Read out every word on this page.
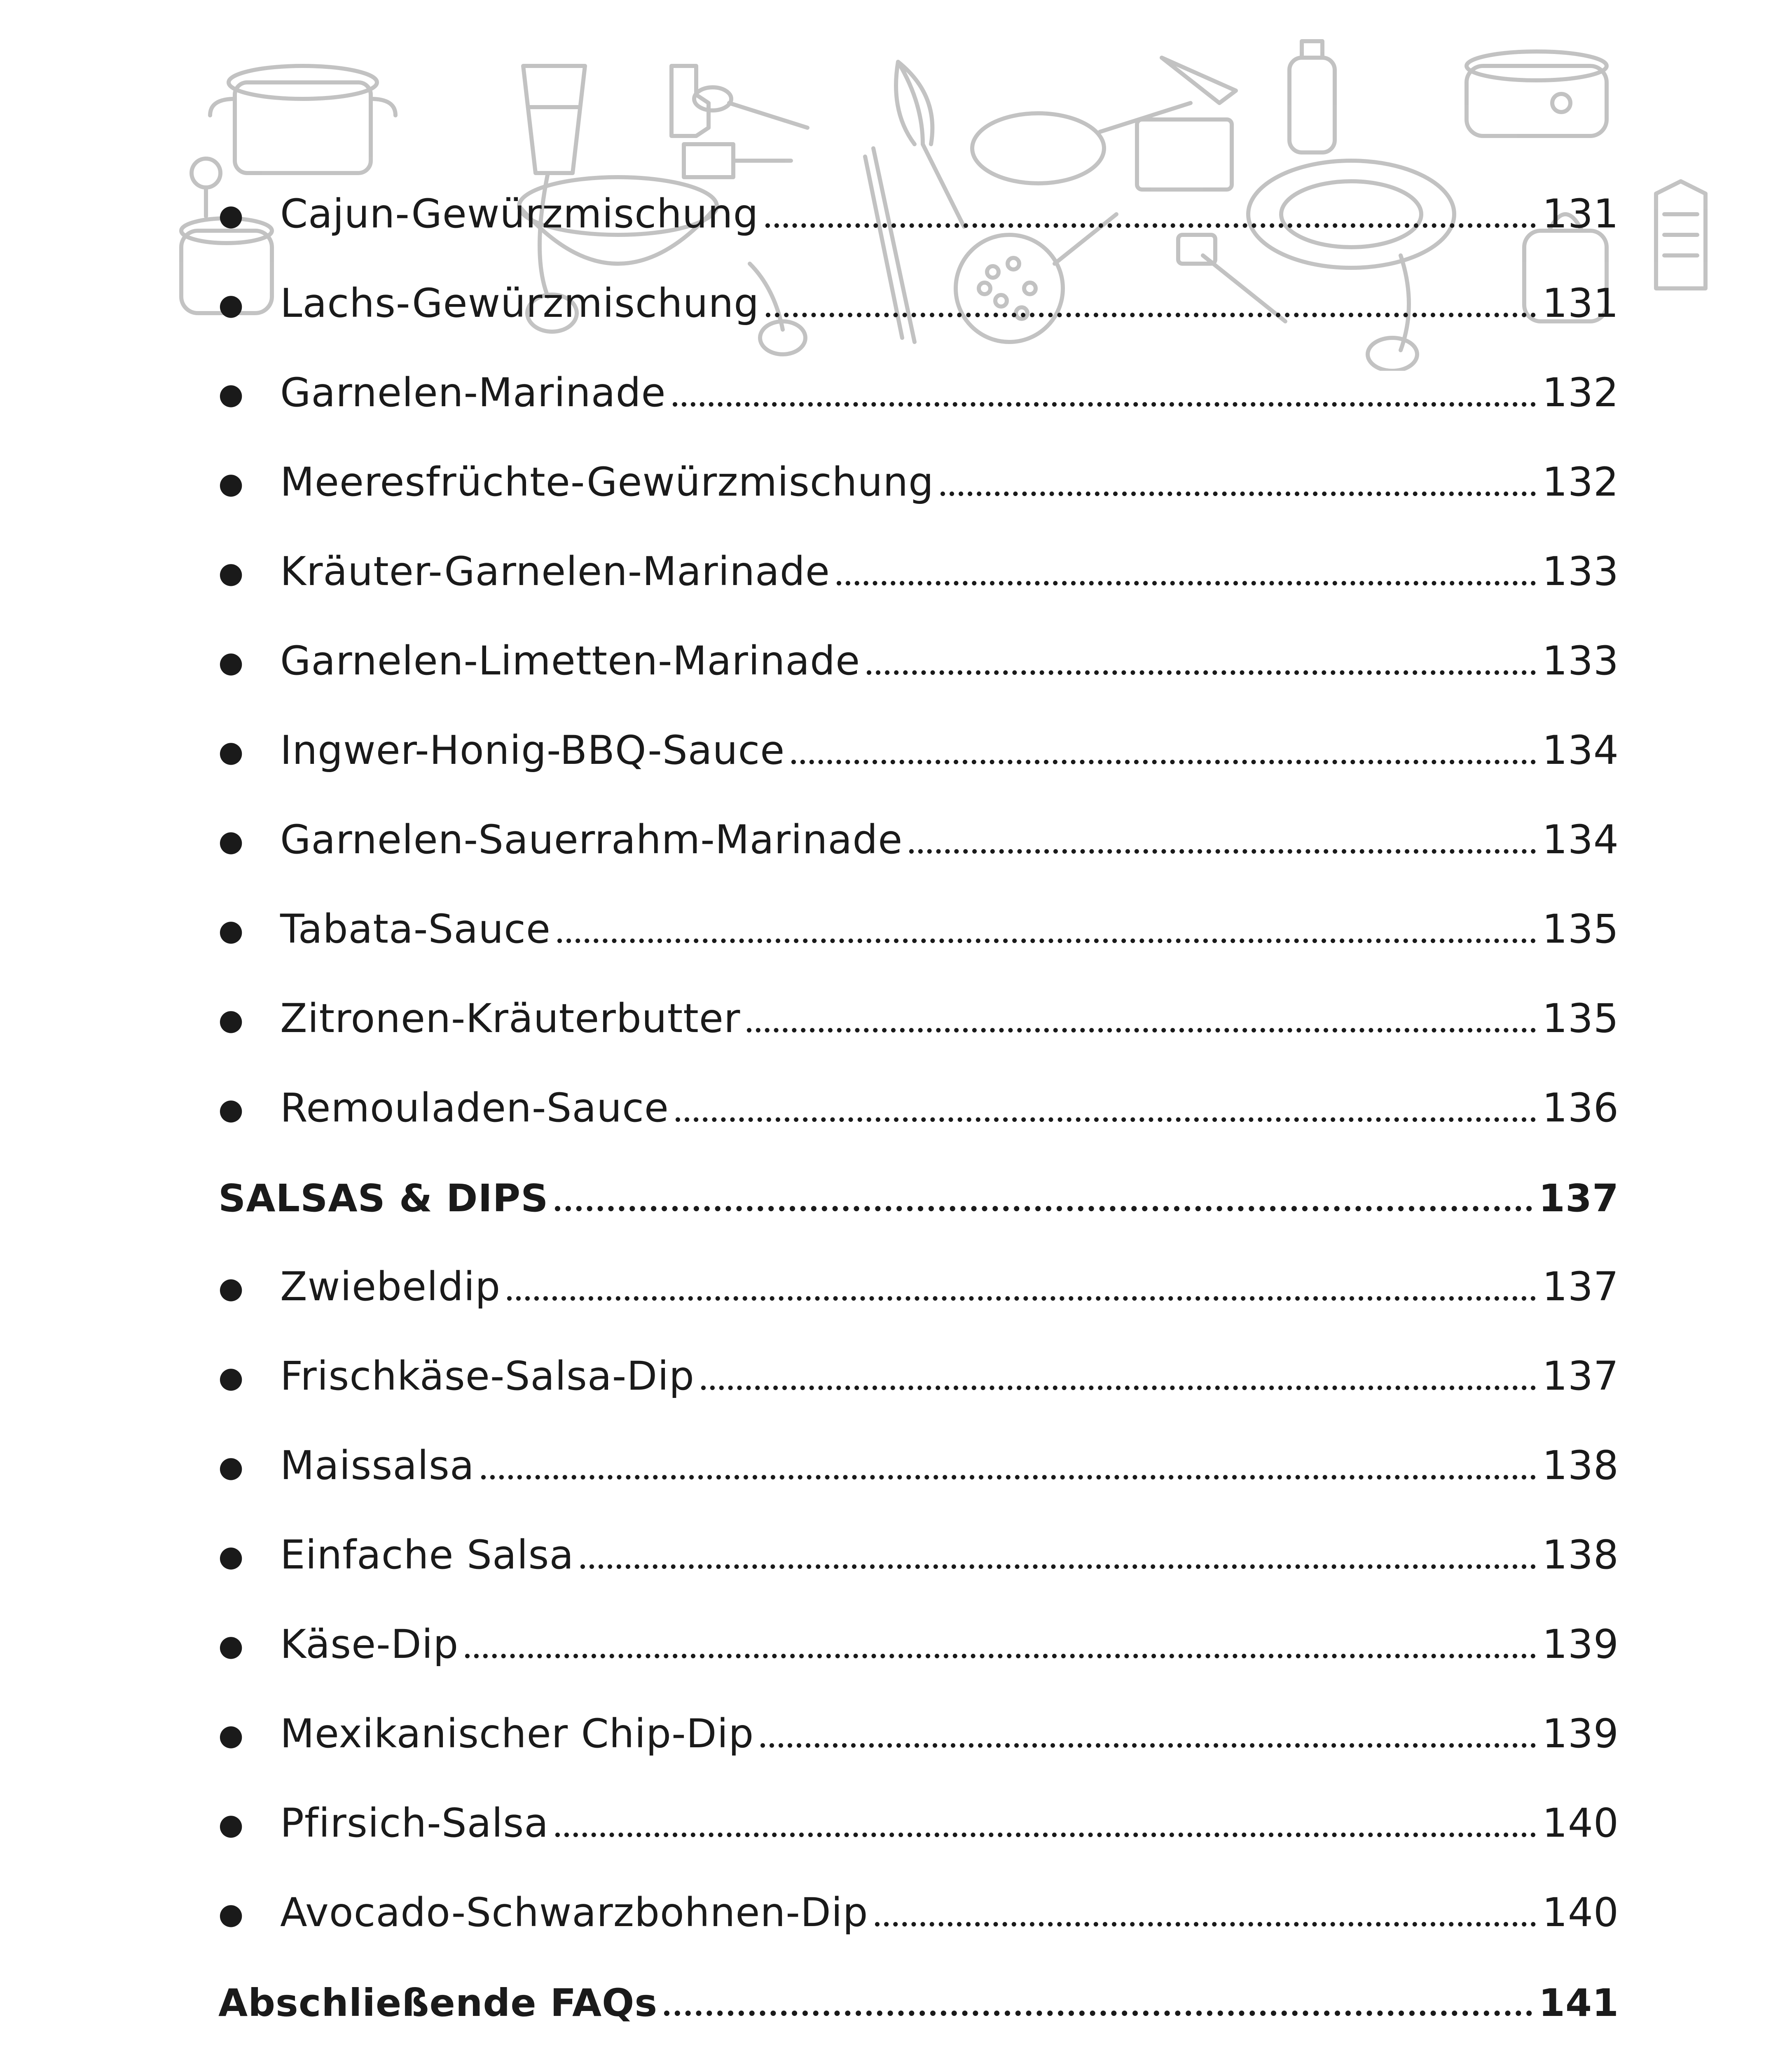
● Cajun-Gewürzmischung	131
● Lachs-Gewürzmischung	131
● Garnelen-Marinade	132
● Meeresfrüchte-Gewürzmischung	132
● Kräuter-Garnelen-Marinade	133
● Garnelen-Limetten-Marinade	133
● Ingwer-Honig-BBQ-Sauce	134
● Garnelen-Sauerrahm-Marinade	134
● Tabata-Sauce	135
● Zitronen-Kräuterbutter	135
● Remouladen-Sauce	136
SALSAS & DIPS	137
● Zwiebeldip	137
● Frischkäse-Salsa-Dip	137
● Maissalsa	138
● Einfache Salsa	138
● Käse-Dip	139
● Mexikanischer Chip-Dip	139
● Pfirsich-Salsa	140
● Avocado-Schwarzbohnen-Dip	140
Abschließende FAQs	141
